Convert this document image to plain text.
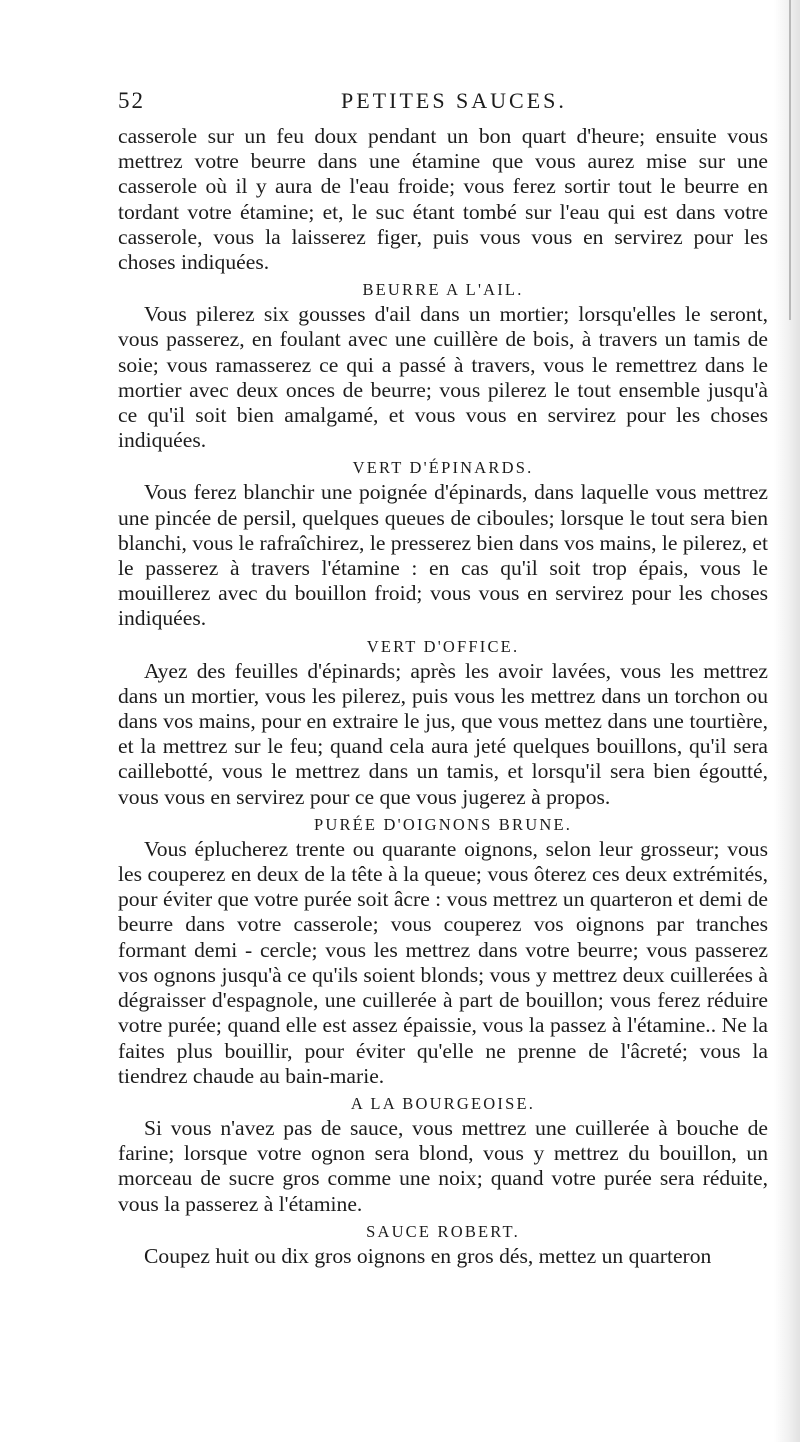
52	PETITES SAUCES.

casserole sur un feu doux pendant un bon quart d'heure; ensuite vous mettrez votre beurre dans une étamine que vous aurez mise sur une casserole où il y aura de l'eau froide; vous ferez sortir tout le beurre en tordant votre étamine; et, le suc étant tombé sur l'eau qui est dans votre casserole, vous la laisserez figer, puis vous vous en servirez pour les choses indiquées.

BEURRE A L'AIL.

Vous pilerez six gousses d'ail dans un mortier; lorsqu'elles le seront, vous passerez, en foulant avec une cuillère de bois, à travers un tamis de soie; vous ramasserez ce qui a passé à travers, vous le remettrez dans le mortier avec deux onces de beurre; vous pilerez le tout ensemble jusqu'à ce qu'il soit bien amalgamé, et vous vous en servirez pour les choses indiquées.

VERT D'ÉPINARDS.

Vous ferez blanchir une poignée d'épinards, dans laquelle vous mettrez une pincée de persil, quelques queues de ciboules; lorsque le tout sera bien blanchi, vous le rafraîchirez, le presserez bien dans vos mains, le pilerez, et le passerez à travers l'étamine : en cas qu'il soit trop épais, vous le mouillerez avec du bouillon froid; vous vous en servirez pour les choses indiquées.

VERT D'OFFICE.

Ayez des feuilles d'épinards; après les avoir lavées, vous les mettrez dans un mortier, vous les pilerez, puis vous les mettrez dans un torchon ou dans vos mains, pour en extraire le jus, que vous mettez dans une tourtière, et la mettrez sur le feu; quand cela aura jeté quelques bouillons, qu'il sera caillebotté, vous le mettrez dans un tamis, et lorsqu'il sera bien égoutté, vous vous en servirez pour ce que vous jugerez à propos.

PURÉE D'OIGNONS BRUNE.

Vous éplucherez trente ou quarante oignons, selon leur grosseur; vous les couperez en deux de la tête à la queue; vous ôterez ces deux extrémités, pour éviter que votre purée soit âcre : vous mettrez un quarteron et demi de beurre dans votre casserole; vous couperez vos oignons par tranches formant demi - cercle; vous les mettrez dans votre beurre; vous passerez vos ognons jusqu'à ce qu'ils soient blonds; vous y mettrez deux cuillerées à dégraisser d'espagnole, une cuillerée à part de bouillon; vous ferez réduire votre purée; quand elle est assez épaissie, vous la passez à l'étamine.. Ne la faites plus bouillir, pour éviter qu'elle ne prenne de l'âcreté; vous la tiendrez chaude au bain-marie.

A LA BOURGEOISE.

Si vous n'avez pas de sauce, vous mettrez une cuillerée à bouche de farine; lorsque votre ognon sera blond, vous y mettrez du bouillon, un morceau de sucre gros comme une noix; quand votre purée sera réduite, vous la passerez à l'étamine.

SAUCE ROBERT.

Coupez huit ou dix gros oignons en gros dés, mettez un quarteron
